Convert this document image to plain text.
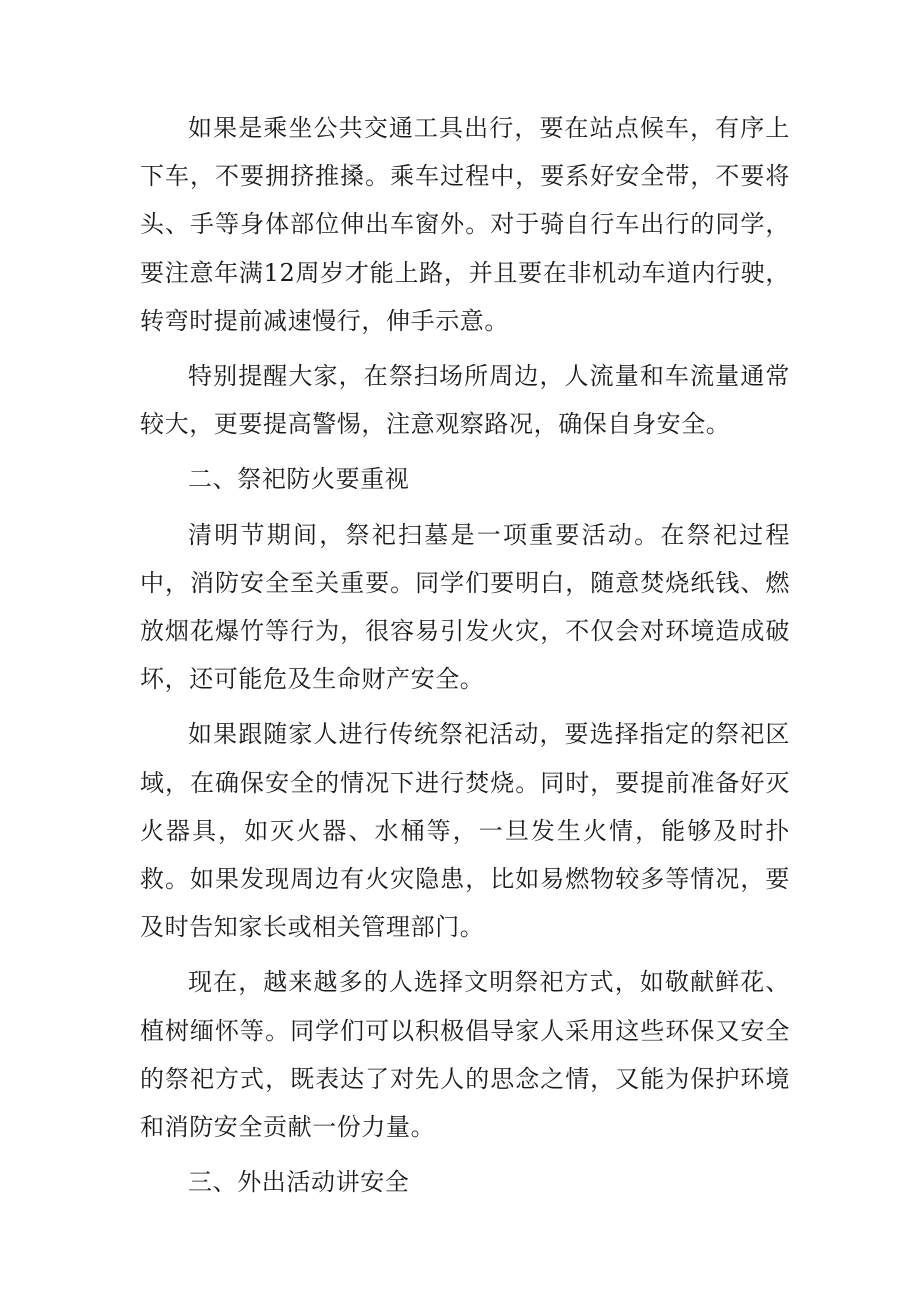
如果是乘坐公共交通工具出行，要在站点候车，有序上下车，不要拥挤推搡。乘车过程中，要系好安全带，不要将头、手等身体部位伸出车窗外。对于骑自行车出行的同学，要注意年满12周岁才能上路，并且要在非机动车道内行驶，转弯时提前减速慢行，伸手示意。

特别提醒大家，在祭扫场所周边，人流量和车流量通常较大，更要提高警惕，注意观察路况，确保自身安全。

二、祭祀防火要重视

清明节期间，祭祀扫墓是一项重要活动。在祭祀过程中，消防安全至关重要。同学们要明白，随意焚烧纸钱、燃放烟花爆竹等行为，很容易引发火灾，不仅会对环境造成破坏，还可能危及生命财产安全。

如果跟随家人进行传统祭祀活动，要选择指定的祭祀区域，在确保安全的情况下进行焚烧。同时，要提前准备好灭火器具，如灭火器、水桶等，一旦发生火情，能够及时扑救。如果发现周边有火灾隐患，比如易燃物较多等情况，要及时告知家长或相关管理部门。

现在，越来越多的人选择文明祭祀方式，如敬献鲜花、植树缅怀等。同学们可以积极倡导家人采用这些环保又安全的祭祀方式，既表达了对先人的思念之情，又能为保护环境和消防安全贡献一份力量。

三、外出活动讲安全
